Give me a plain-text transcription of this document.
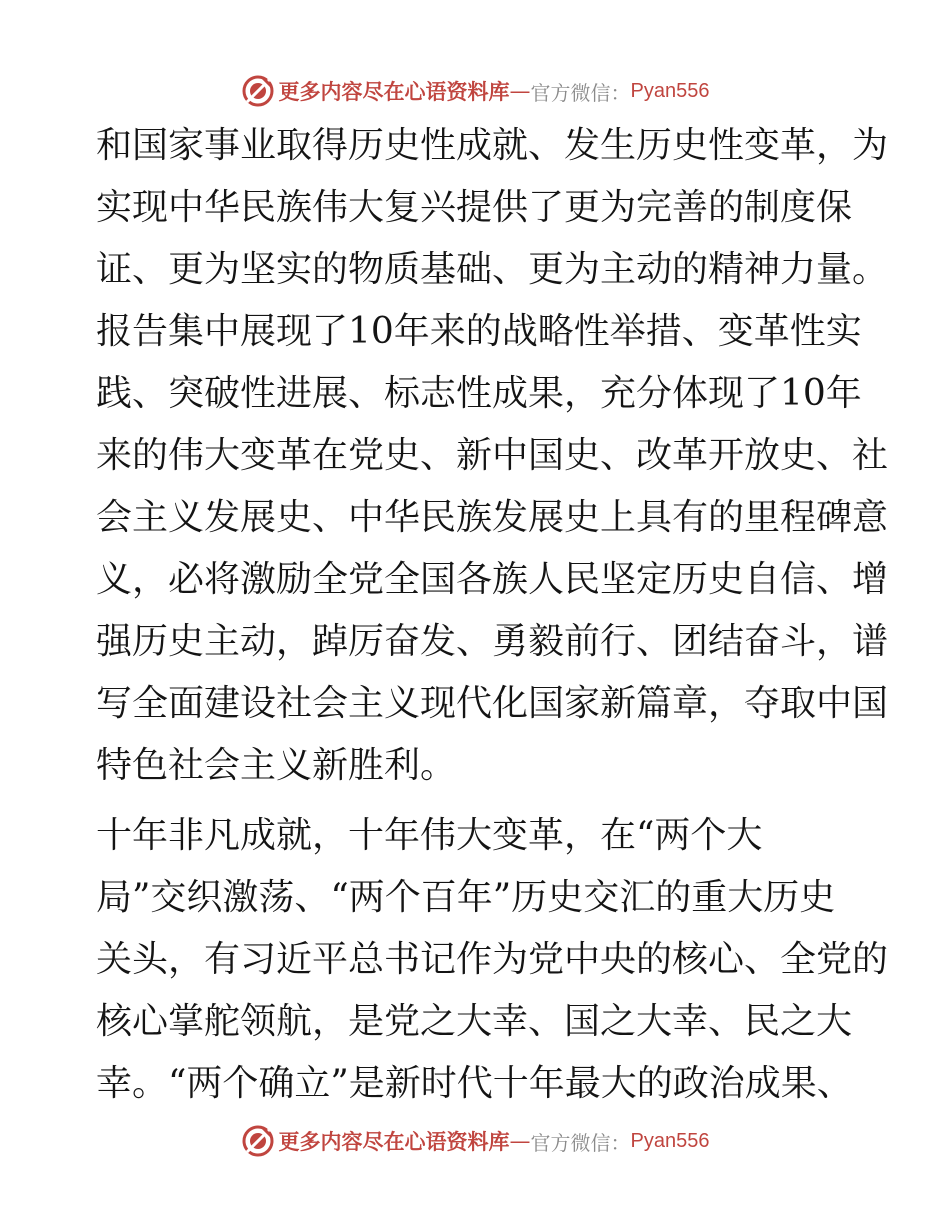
更多内容尽在心语资料库 — 官方微信： Pyan556
和国家事业取得历史性成就、发生历史性变革，为
实现中华民族伟大复兴提供了更为完善的制度保
证、更为坚实的物质基础、更为主动的精神力量。
报告集中展现了10年来的战略性举措、变革性实
践、突破性进展、标志性成果，充分体现了10年
来的伟大变革在党史、新中国史、改革开放史、社
会主义发展史、中华民族发展史上具有的里程碑意
义，必将激励全党全国各族人民坚定历史自信、增
强历史主动，踔厉奋发、勇毅前行、团结奋斗，谱
写全面建设社会主义现代化国家新篇章，夺取中国
特色社会主义新胜利。
十年非凡成就，十年伟大变革，在“两个大
局”交织激荡、“两个百年”历史交汇的重大历史
关头，有习近平总书记作为党中央的核心、全党的
核心掌舵领航，是党之大幸、国之大幸、民之大
幸。“两个确立”是新时代十年最大的政治成果、
更多内容尽在心语资料库 — 官方微信： Pyan556
